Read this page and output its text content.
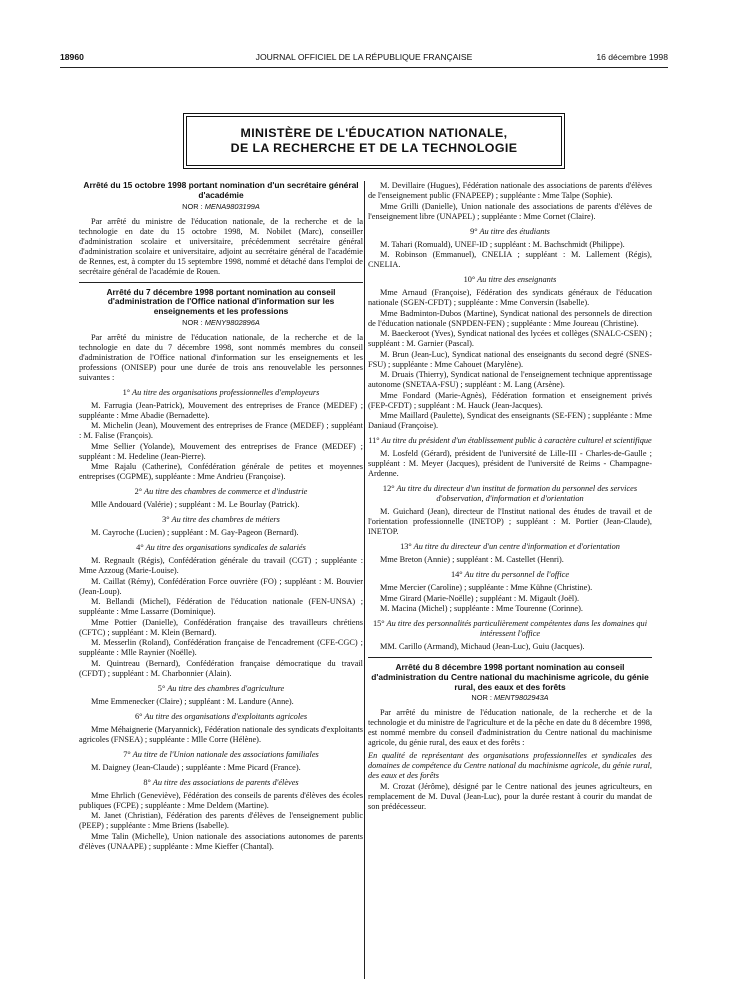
18960	JOURNAL OFFICIEL DE LA RÉPUBLIQUE FRANÇAISE	16 décembre 1998
MINISTÈRE DE L'ÉDUCATION NATIONALE,
DE LA RECHERCHE ET DE LA TECHNOLOGIE
Arrêté du 15 octobre 1998 portant nomination d'un secrétaire général d'académie
NOR : MENA9803199A

Par arrêté du ministre de l'éducation nationale, de la recherche et de la technologie en date du 15 octobre 1998, M. Nobilet (Marc), conseiller d'administration scolaire et universitaire, précédemment secrétaire général d'administration scolaire et universitaire, adjoint au secrétaire général de l'académie de Rennes, est, à compter du 15 septembre 1998, nommé et détaché dans l'emploi de secrétaire général de l'académie de Rouen.

Arrêté du 7 décembre 1998 portant nomination au conseil d'administration de l'Office national d'information sur les enseignements et les professions
NOR : MENY9802896A

Par arrêté du ministre de l'éducation nationale, de la recherche et de la technologie en date du 7 décembre 1998, sont nommés membres du conseil d'administration de l'Office national d'information sur les enseignements et les professions (ONISEP) pour une durée de trois ans renouvelable les personnes suivantes :

1° Au titre des organisations professionnelles d'employeurs

M. Farrugia (Jean-Patrick), Mouvement des entreprises de France (MEDEF) ; suppléante : Mme Abadie (Bernadette).

M. Michelin (Jean), Mouvement des entreprises de France (MEDEF) ; suppléant : M. Falise (François).

Mme Sellier (Yolande), Mouvement des entreprises de France (MEDEF) ; suppléant : M. Hedeline (Jean-Pierre).

Mme Rajalu (Catherine), Confédération générale de petites et moyennes entreprises (CGPME), suppléante : Mme Andrieu (Françoise).

2° Au titre des chambres de commerce et d'industrie

Mlle Andouard (Valérie) ; suppléant : M. Le Bourlay (Patrick).

3° Au titre des chambres de métiers

M. Cayroche (Lucien) ; suppléant : M. Gay-Pageon (Bernard).

4° Au titre des organisations syndicales de salariés

M. Regnault (Régis), Confédération générale du travail (CGT) ; suppléante : Mme Azzoug (Marie-Louise).

M. Caillat (Rémy), Confédération Force ouvrière (FO) ; suppléant : M. Bouvier (Jean-Loup).

M. Bellandi (Michel), Fédération de l'éducation nationale (FEN-UNSA) ; suppléante : Mme Lassarre (Dominique).

Mme Pottier (Danielle), Confédération française des travailleurs chrétiens (CFTC) ; suppléant : M. Klein (Bernard).

M. Messerlin (Roland), Confédération française de l'encadrement (CFE-CGC) ; suppléante : Mlle Raynier (Noëlle).

M. Quintreau (Bernard), Confédération française démocratique du travail (CFDT) ; suppléant : M. Charbonnier (Alain).

5° Au titre des chambres d'agriculture

Mme Emmenecker (Claire) ; suppléant : M. Landure (Anne).

6° Au titre des organisations d'exploitants agricoles

Mme Méhaignerie (Maryannick), Fédération nationale des syndicats d'exploitants agricoles (FNSEA) ; suppléante : Mlle Corre (Hélène).

7° Au titre de l'Union nationale des associations familiales

M. Daigney (Jean-Claude) ; suppléante : Mme Picard (France).

8° Au titre des associations de parents d'élèves

Mme Ehrlich (Geneviève), Fédération des conseils de parents d'élèves des écoles publiques (FCPE) ; suppléante : Mme Deldem (Martine).

M. Janet (Christian), Fédération des parents d'élèves de l'enseignement public (PEEP) ; suppléante : Mme Briens (Isabelle).

Mme Talin (Michelle), Union nationale des associations autonomes de parents d'élèves (UNAAPE) ; suppléante : Mme Kieffer (Chantal).

M. Devillaire (Hugues), Fédération nationale des associations de parents d'élèves de l'enseignement public (FNAPEEP) ; suppléante : Mme Talpe (Sophie).

Mme Grilli (Danielle), Union nationale des associations de parents d'élèves de l'enseignement libre (UNAPEL) ; suppléante : Mme Cornet (Claire).

9° Au titre des étudiants

M. Tahari (Romuald), UNEF-ID ; suppléant : M. Bachschmidt (Philippe).

M. Robinson (Emmanuel), CNELIA ; suppléant : M. Lallement (Régis), CNELIA.

10° Au titre des enseignants

Mme Arnaud (Françoise), Fédération des syndicats généraux de l'éducation nationale (SGEN-CFDT) ; suppléante : Mme Conversin (Isabelle).

Mme Badminton-Dubos (Martine), Syndicat national des personnels de direction de l'éducation nationale (SNPDEN-FEN) ; suppléante : Mme Joureau (Christine).

M. Baeckeroot (Yves), Syndicat national des lycées et collèges (SNALC-CSEN) ; suppléant : M. Garnier (Pascal).

M. Brun (Jean-Luc), Syndicat national des enseignants du second degré (SNES-FSU) ; suppléante : Mme Cahouet (Marylène).

M. Druais (Thierry), Syndicat national de l'enseignement technique apprentissage autonome (SNETAA-FSU) ; suppléant : M. Lang (Arsène).

Mme Fondard (Marie-Agnès), Fédération formation et enseignement privés (FEP-CFDT) ; suppléant : M. Hauck (Jean-Jacques).

Mme Maillard (Paulette), Syndicat des enseignants (SE-FEN) ; suppléante : Mme Daniaud (Françoise).

11° Au titre du président d'un établissement public à caractère culturel et scientifique

M. Losfeld (Gérard), président de l'université de Lille-III - Charles-de-Gaulle ; suppléant : M. Meyer (Jacques), président de l'université de Reims - Champagne-Ardenne.

12° Au titre du directeur d'un institut de formation du personnel des services d'observation, d'information et d'orientation

M. Guichard (Jean), directeur de l'Institut national des études de travail et de l'orientation professionnelle (INETOP) ; suppléant : M. Portier (Jean-Claude), INETOP.

13° Au titre du directeur d'un centre d'information et d'orientation

Mme Breton (Annie) ; suppléant : M. Castellet (Henri).

14° Au titre du personnel de l'office

Mme Mercier (Caroline) ; suppléante : Mme Kühne (Christine).

Mme Girard (Marie-Noëlle) ; suppléant : M. Migault (Joël).

M. Macina (Michel) ; suppléante : Mme Tourenne (Corinne).

15° Au titre des personnalités particulièrement compétentes dans les domaines qui intéressent l'office

MM. Carillo (Armand), Michaud (Jean-Luc), Guiu (Jacques).

Arrêté du 8 décembre 1998 portant nomination au conseil d'administration du Centre national du machinisme agricole, du génie rural, des eaux et des forêts
NOR : MENT9802943A

Par arrêté du ministre de l'éducation nationale, de la recherche et de la technologie et du ministre de l'agriculture et de la pêche en date du 8 décembre 1998, est nommé membre du conseil d'administration du Centre national du machinisme agricole, du génie rural, des eaux et des forêts :

En qualité de représentant des organisations professionnelles et syndicales des domaines de compétence du Centre national du machinisme agricole, du génie rural, des eaux et des forêts

M. Crozat (Jérôme), désigné par le Centre national des jeunes agriculteurs, en remplacement de M. Duval (Jean-Luc), pour la durée restant à courir du mandat de son prédécesseur.
